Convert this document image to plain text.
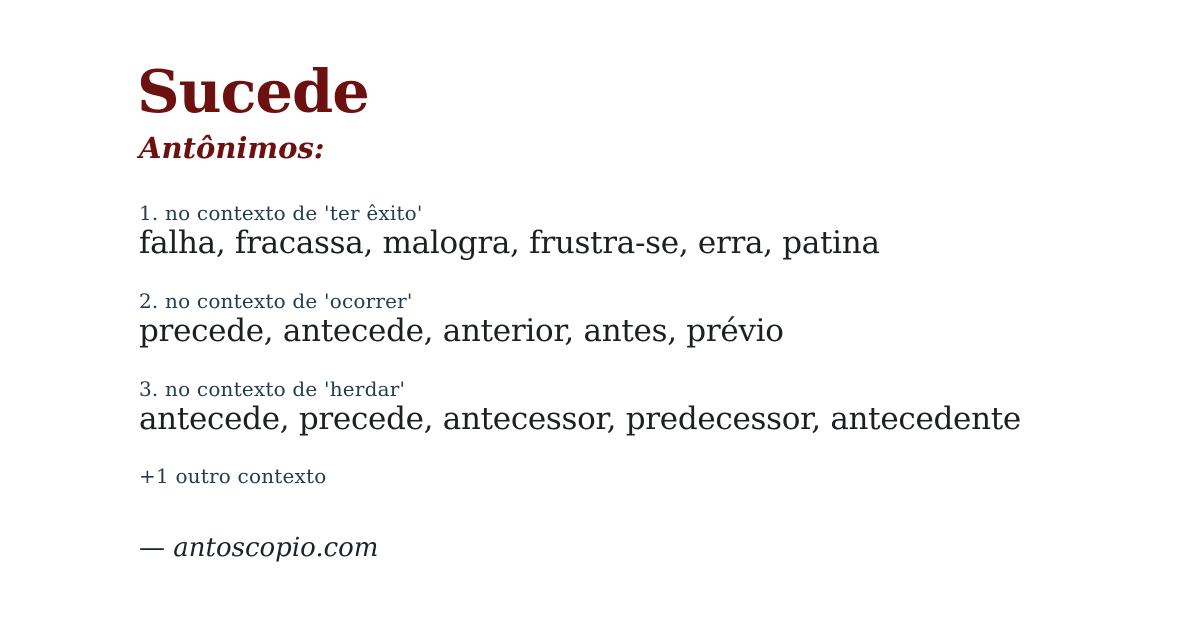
Sucede
Antônimos:
1. no contexto de 'ter êxito'
falha, fracassa, malogra, frustra-se, erra, patina
2. no contexto de 'ocorrer'
precede, antecede, anterior, antes, prévio
3. no contexto de 'herdar'
antecede, precede, antecessor, predecessor, antecedente
+1 outro contexto
— antoscopio.com
